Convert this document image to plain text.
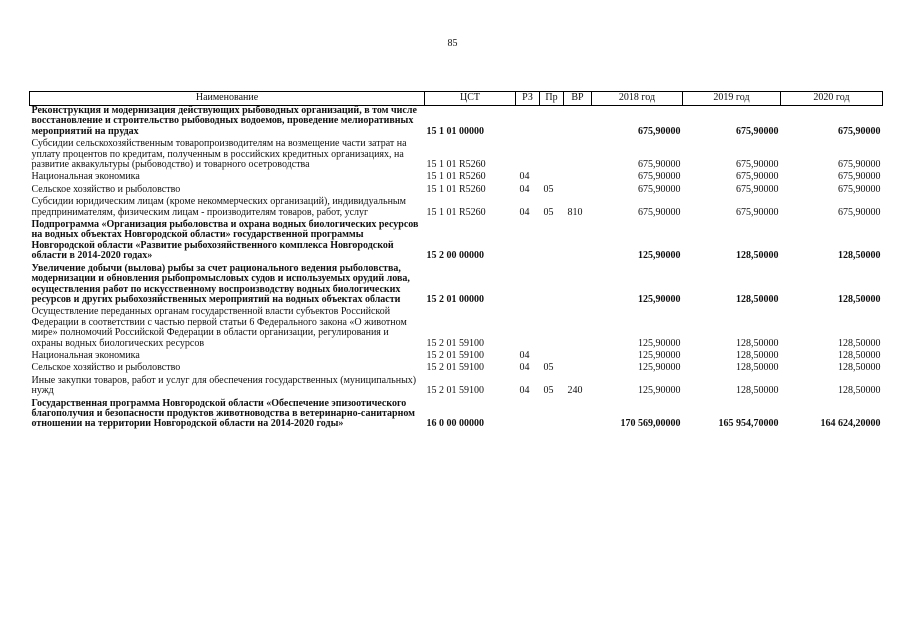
85
Наименование	ЦСТ	РЗ	Пр	ВР	2018 год	2019 год	2020 год
Реконструкция и модернизация действующих рыбоводных организаций, в том числе восстановление и строительство рыбоводных водоемов, проведение мелиоративных мероприятий на прудах	15 1 01 00000				675,90000	675,90000	675,90000
Субсидии сельскохозяйственным товаропроизводителям на возмещение части затрат на уплату процентов по кредитам, полученным в российских кредитных организациях, на развитие аквакультуры (рыбоводство) и товарного осетроводства	15 1 01 R5260				675,90000	675,90000	675,90000
Национальная экономика	15 1 01 R5260	04			675,90000	675,90000	675,90000
Сельское хозяйство и рыболовство	15 1 01 R5260	04	05		675,90000	675,90000	675,90000
Субсидии юридическим лицам (кроме некоммерческих организаций), индивидуальным предпринимателям, физическим лицам - производителям товаров, работ, услуг	15 1 01 R5260	04	05	810	675,90000	675,90000	675,90000
Подпрограмма «Организация рыболовства и охрана водных биологических ресурсов на водных объектах Новгородской области» государственной программы Новгородской области «Развитие рыбохозяйственного комплекса Новгородской области в 2014-2020 годах»	15 2 00 00000				125,90000	128,50000	128,50000
Увеличение добычи (вылова) рыбы за счет рационального ведения рыболовства, модернизации и обновления рыбопромысловых судов и используемых орудий лова, осуществления работ по искусственному воспроизводству водных биологических ресурсов и других рыбохозяйственных мероприятий на водных объектах области	15 2 01 00000				125,90000	128,50000	128,50000
Осуществление переданных органам государственной власти субъектов Российской Федерации в соответствии с частью первой статьи 6 Федерального закона «О животном мире» полномочий Российской Федерации в области организации, регулирования и охраны водных биологических ресурсов	15 2 01 59100				125,90000	128,50000	128,50000
Национальная экономика	15 2 01 59100	04			125,90000	128,50000	128,50000
Сельское хозяйство и рыболовство	15 2 01 59100	04	05		125,90000	128,50000	128,50000
Иные закупки товаров, работ и услуг для обеспечения государственных (муниципальных) нужд	15 2 01 59100	04	05	240	125,90000	128,50000	128,50000
Государственная программа Новгородской области «Обеспечение эпизоотического благополучия и безопасности продуктов животноводства в ветеринарно-санитарном отношении на территории Новгородской области на 2014-2020 годы»	16 0 00 00000				170 569,00000	165 954,70000	164 624,20000
